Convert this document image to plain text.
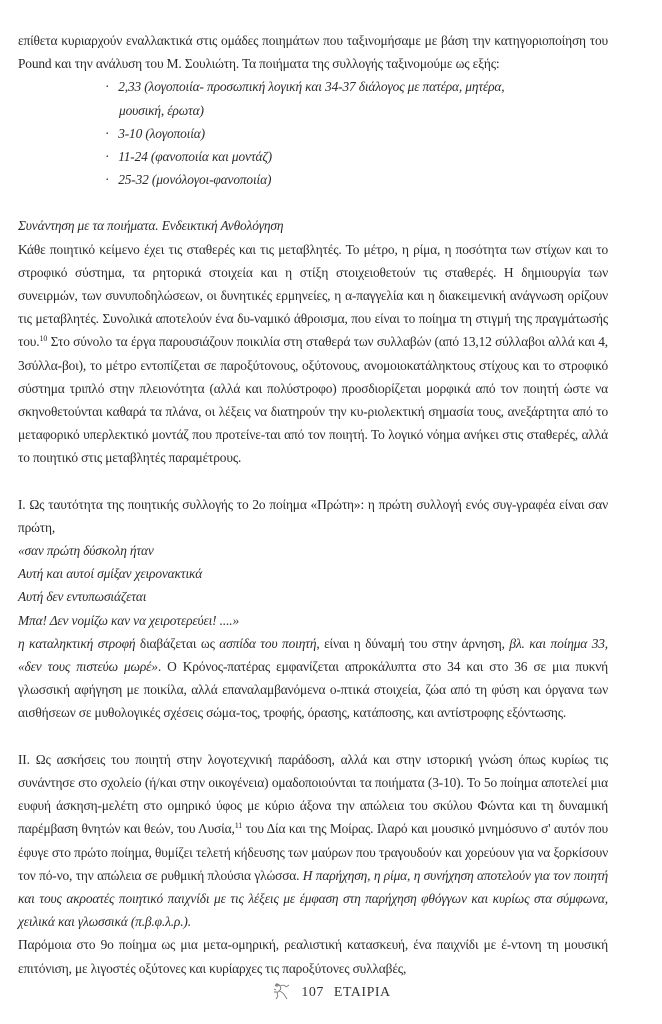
επίθετα κυριαρχούν εναλλακτικά στις ομάδες ποιημάτων που ταξινομήσαμε με βάση την κατηγοριοποίηση του Pound και την ανάλυση του Μ. Σουλιώτη. Τα ποιήματα της συλλογής ταξινομούμε ως εξής:

· 2,33 (λογοποιία- προσωπική λογική και 34-37 διάλογος με πατέρα, μητέρα,
μουσική, έρωτα)
· 3-10 (λογοποιία)
· 11-24 (φανοποιία και μοντάζ)
· 25-32 (μονόλογοι-φανοποιία)

Συνάντηση με τα ποιήματα. Ενδεικτική Ανθολόγηση

Κάθε ποιητικό κείμενο έχει τις σταθερές και τις μεταβλητές. Το μέτρο, η ρίμα, η ποσότητα των στίχων και το στροφικό σύστημα, τα ρητορικά στοιχεία και η στίξη στοιχειοθετούν τις σταθερές. Η δημιουργία των συνειρμών, των συνυποδηλώσεων, οι δυνητικές ερμηνείες, η α-παγγελία και η διακειμενική ανάγνωση ορίζουν τις μεταβλητές. Συνολικά αποτελούν ένα δυ-ναμικό άθροισμα, που είναι το ποίημα τη στιγμή της πραγμάτωσής του.$^{10}$ Στο σύνολο τα έργα παρουσιάζουν ποικιλία στη σταθερά των συλλαβών (από 13,12 σύλλαβοι αλλά και 4, 3σύλλα-βοι), το μέτρο εντοπίζεται σε παροξύτονους, οξύτονους, ανομοιοκατάληκτους στίχους και το στροφικό σύστημα τριπλό στην πλειονότητα (αλλά και πολύστροφο) προσδιορίζεται μορφικά από τον ποιητή ώστε να σκηνοθετούνται καθαρά τα πλάνα, οι λέξεις να διατηρούν την κυ-ριολεκτική σημασία τους, ανεξάρτητα από το μεταφορικό υπερλεκτικό μοντάζ που προτείνε-ται από τον ποιητή. Το λογικό νόημα ανήκει στις σταθερές, αλλά το ποιητικό στις μεταβλητές παραμέτρους.

I. Ως ταυτότητα της ποιητικής συλλογής το 2ο ποίημα «Πρώτη»: η πρώτη συλλογή ενός συγ-γραφέα είναι σαν πρώτη,

«σαν πρώτη δύσκολη ήταν

Αυτή και αυτοί σμίξαν χειρονακτικά

Αυτή δεν εντυπωσιάζεται

Μπα! Δεν νομίζω καν να χειροτερεύει! ....»

η καταληκτική στροφή διαβάζεται ως ασπίδα του ποιητή, είναι η δύναμή του στην άρνηση, βλ. και ποίημα 33, «δεν τους πιστεύω μωρέ». Ο Κρόνος-πατέρας εμφανίζεται απροκάλυπτα στο 34 και στο 36 σε μια πυκνή γλωσσική αφήγηση με ποικίλα, αλλά επαναλαμβανόμενα ο-πτικά στοιχεία, ζώα από τη φύση και όργανα των αισθήσεων σε μυθολογικές σχέσεις σώμα-τος, τροφής, όρασης, κατάποσης, και αντίστροφης εξόντωσης.

II. Ως ασκήσεις του ποιητή στην λογοτεχνική παράδοση, αλλά και στην ιστορική γνώση όπως κυρίως τις συνάντησε στο σχολείο (ή/και στην οικογένεια) ομαδοποιούνται τα ποιήματα (3-10). Το 5ο ποίημα αποτελεί μια ευφυή άσκηση-μελέτη στο ομηρικό ύφος με κύριο άξονα την απώλεια του σκύλου Φώντα και τη δυναμική παρέμβαση θνητών και θεών, του Λυσία,$^{11}$ του Δία και της Μοίρας. Ιλαρό και μουσικό μνημόσυνο σ' αυτόν που έφυγε στο πρώτο ποίημα, θυμίζει τελετή κήδευσης των μαύρων που τραγουδούν και χορεύουν για να ξορκίσουν τον πό-νο, την απώλεια σε ρυθμική πλούσια γλώσσα. Η παρήχηση, η ρίμα, η συνήχηση αποτελούν για τον ποιητή και τους ακροατές ποιητικό παιχνίδι με τις λέξεις με έμφαση στη παρήχηση φθόγγων και κυρίως στα σύμφωνα, χειλικά και γλωσσικά (π.β.φ.λ.ρ.).

Παρόμοια στο 9ο ποίημα ως μια μετα-ομηρική, ρεαλιστική κατασκευή, ένα παιχνίδι με έ-ντονη τη μουσική επιτόνιση, με λιγοστές οξύτονες και κυρίαρχες τις παροξύτονες συλλαβές,

107 ΕΤΑΙΡΙΑ
